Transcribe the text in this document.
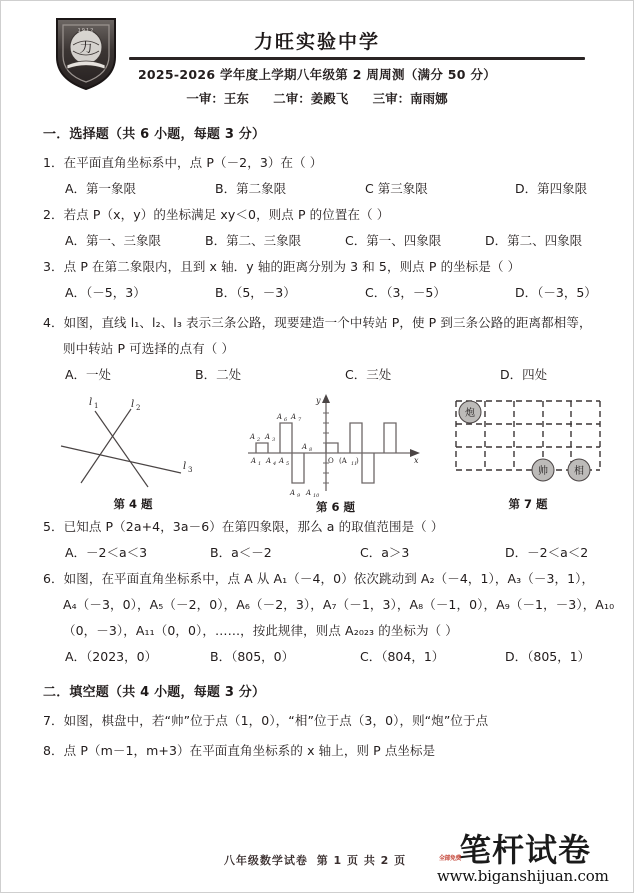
力
1912	力旺实验中学
2025-2026 学年度上学期八年级第 2 周周测（满分 50 分）
一审：王东 二审：姜殿飞 三审：南雨娜
一．选择题（共 6 小题，每题 3 分）
1．在平面直角坐标系中，点 P（－2，3）在（ ）
A．第一象限	B．第二象限	C 第三象限	D．第四象限
2．若点 P（x，y）的坐标满足 xy＜0，则点 P 的位置在（ ）
A．第一、三象限	B．第二、三象限	C．第一、四象限	D．第二、四象限
3．点 P 在第二象限内，且到 x 轴．y 轴的距离分别为 3 和 5，则点 P 的坐标是（ ）
A．（－5，3）	B．（5，－3）	C．（3，－5）	D．（－3，5）
4．如图，直线 l₁、l₂、l₃ 表示三条公路，现要建造一个中转站 P，使 P 到三条公路的距离都相等，
则中转站 P 可选择的点有（ ）
A．一处	B．二处	C．三处	D．四处
l 1	l 2
l 3
第 4 题
x
y
A 2 A 3
A 1 A 4
A 6 A 7
A 5
A 8
A 9 A 10
O (A 11
)
第 6 题
炮
帅	相
第 7 题
5．已知点 P（2a+4，3a－6）在第四象限，那么 a 的取值范围是（ ）
A．－2＜a＜3	B．a＜－2	C．a＞3	D．－2＜a＜2
6．如图，在平面直角坐标系中，点 A 从 A₁（－4，0）依次跳动到 A₂（－4，1），A₃（－3，1），
A₄（－3，0），A₅（－2，0），A₆（－2，3），A₇（－1，3），A₈（－1，0），A₉（－1，－3），A₁₀
（0，－3），A₁₁（0，0），……，按此规律，则点 A₂₀₂₃ 的坐标为（ ）
A．（2023，0）	B．（805，0）	C．（804，1）	D．（805，1）
二．填空题（共 4 小题，每题 3 分）
7．如图，棋盘中，若“帅”位于点（1，0），“相”位于点（3，0），则“炮”位于点
8．点 P（m－1，m+3）在平面直角坐标系的 x 轴上，则 P 点坐标是
八年级数学试卷 第 1 页 共 2 页	全部免费
笔杆试卷
www.biganshijuan.com
